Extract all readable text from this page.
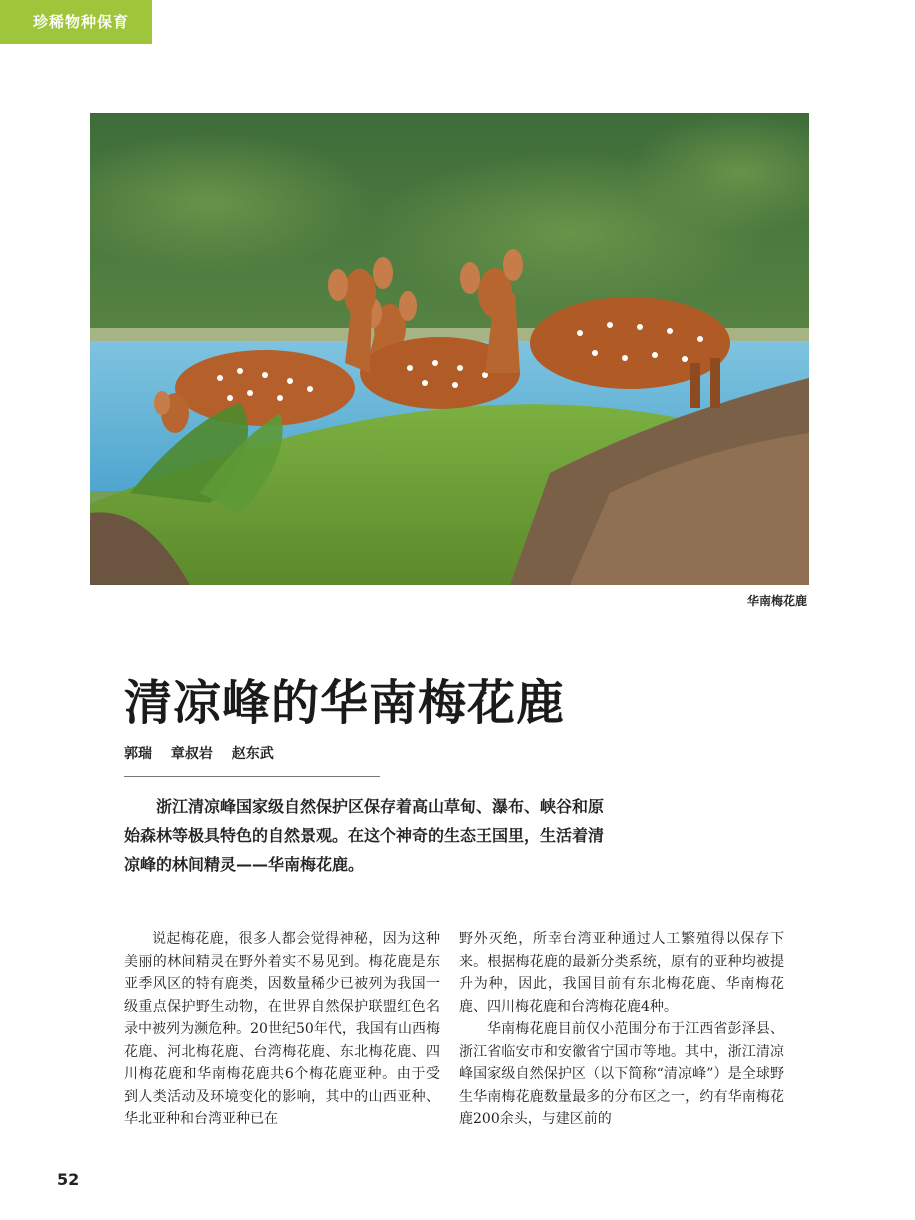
珍稀物种保育
华南梅花鹿
清凉峰的华南梅花鹿
郭瑞 章叔岩 赵东武

浙江清凉峰国家级自然保护区保存着高山草甸、瀑布、峡谷和原始森林等极具特色的自然景观。在这个神奇的生态王国里，生活着清凉峰的林间精灵——华南梅花鹿。

说起梅花鹿，很多人都会觉得神秘，因为这种美丽的林间精灵在野外着实不易见到。梅花鹿是东亚季风区的特有鹿类，因数量稀少已被列为我国一级重点保护野生动物，在世界自然保护联盟红色名录中被列为濒危种。20世纪50年代，我国有山西梅花鹿、河北梅花鹿、台湾梅花鹿、东北梅花鹿、四川梅花鹿和华南梅花鹿共6个梅花鹿亚种。由于受到人类活动及环境变化的影响，其中的山西亚种、华北亚种和台湾亚种已在

野外灭绝，所幸台湾亚种通过人工繁殖得以保存下来。根据梅花鹿的最新分类系统，原有的亚种均被提升为种，因此，我国目前有东北梅花鹿、华南梅花鹿、四川梅花鹿和台湾梅花鹿4种。

华南梅花鹿目前仅小范围分布于江西省彭泽县、浙江省临安市和安徽省宁国市等地。其中，浙江清凉峰国家级自然保护区（以下简称“清凉峰”）是全球野生华南梅花鹿数量最多的分布区之一，约有华南梅花鹿200余头，与建区前的

52
